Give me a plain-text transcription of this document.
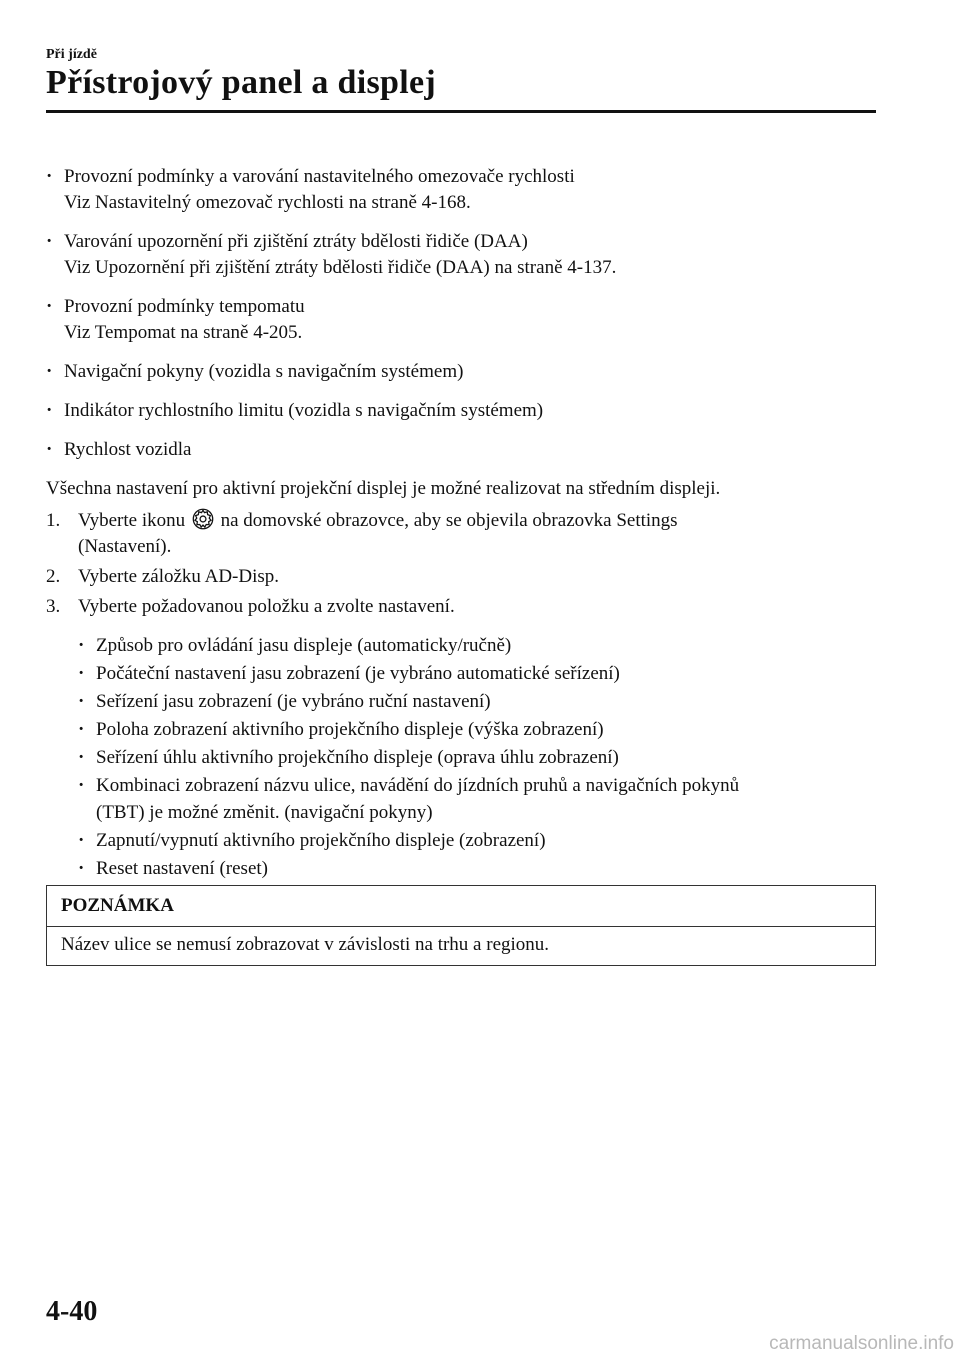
Při jízdě
Přístrojový panel a displej
· Provozní podmínky a varování nastavitelného omezovače rychlosti
Viz Nastavitelný omezovač rychlosti na straně 4-168.
· Varování upozornění při zjištění ztráty bdělosti řidiče (DAA)
Viz Upozornění při zjištění ztráty bdělosti řidiče (DAA) na straně 4-137.
· Provozní podmínky tempomatu
Viz Tempomat na straně 4-205.
· Navigační pokyny (vozidla s navigačním systémem)
· Indikátor rychlostního limitu (vozidla s navigačním systémem)
· Rychlost vozidla

Všechna nastavení pro aktivní projekční displej je možné realizovat na středním displeji.

1. Vyberte ikonu na domovské obrazovce, aby se objevila obrazovka Settings
(Nastavení).
2. Vyberte záložku AD-Disp.
3. Vyberte požadovanou položku a zvolte nastavení.
· Způsob pro ovládání jasu displeje (automaticky/ručně)
· Počáteční nastavení jasu zobrazení (je vybráno automatické seřízení)
· Seřízení jasu zobrazení (je vybráno ruční nastavení)
· Poloha zobrazení aktivního projekčního displeje (výška zobrazení)
· Seřízení úhlu aktivního projekčního displeje (oprava úhlu zobrazení)
· Kombinaci zobrazení názvu ulice, navádění do jízdních pruhů a navigačních pokynů
(TBT) je možné změnit. (navigační pokyny)
· Zapnutí/vypnutí aktivního projekčního displeje (zobrazení)
· Reset nastavení (reset)
POZNÁMKA
Název ulice se nemusí zobrazovat v závislosti na trhu a regionu.
4-40
carmanualsonline.info
